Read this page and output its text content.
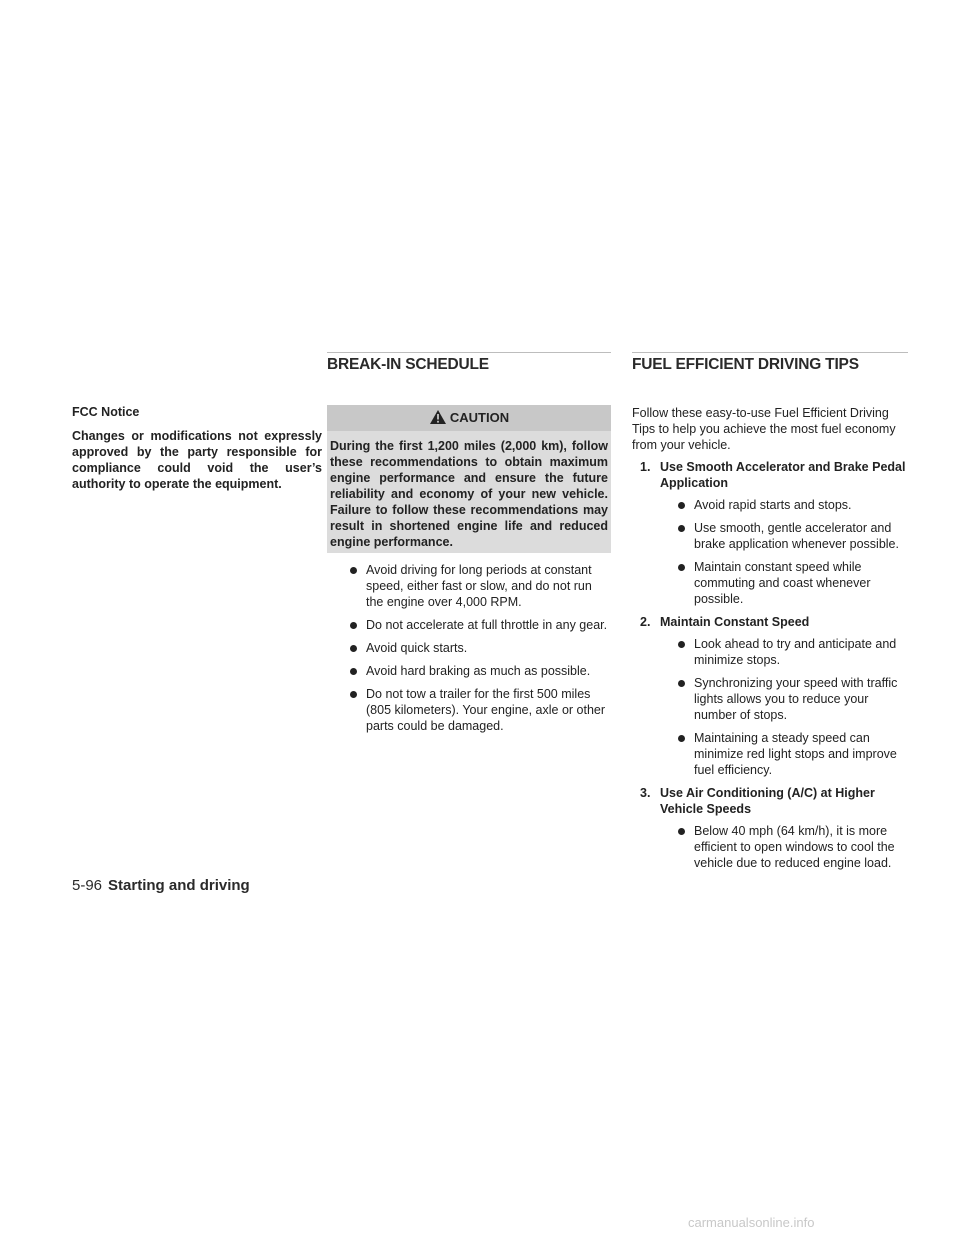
BREAK-IN SCHEDULE	FUEL EFFICIENT DRIVING TIPS
FCC Notice
Changes or modifications not expressly approved by the party responsible for compliance could void the user’s authority to operate the equipment.
CAUTION
During the first 1,200 miles (2,000 km), follow these recommendations to obtain maximum engine performance and ensure the future reliability and economy of your new vehicle. Failure to follow these recommendations may result in shortened engine life and reduced engine performance.
Avoid driving for long periods at constant speed, either fast or slow, and do not run the engine over 4,000 RPM.
Do not accelerate at full throttle in any gear.
Avoid quick starts.
Avoid hard braking as much as possible.
Do not tow a trailer for the first 500 miles (805 kilometers). Your engine, axle or other parts could be damaged.
Follow these easy-to-use Fuel Efficient Driving Tips to help you achieve the most fuel economy from your vehicle.
1. Use Smooth Accelerator and Brake Pedal Application
Avoid rapid starts and stops.
Use smooth, gentle accelerator and brake application whenever possible.
Maintain constant speed while commuting and coast whenever possible.
2. Maintain Constant Speed
Look ahead to try and anticipate and minimize stops.
Synchronizing your speed with traffic lights allows you to reduce your number of stops.
Maintaining a steady speed can minimize red light stops and improve fuel efficiency.
3. Use Air Conditioning (A/C) at Higher Vehicle Speeds
Below 40 mph (64 km/h), it is more efficient to open windows to cool the vehicle due to reduced engine load.
5-96 Starting and driving
carmanualsonline.info
